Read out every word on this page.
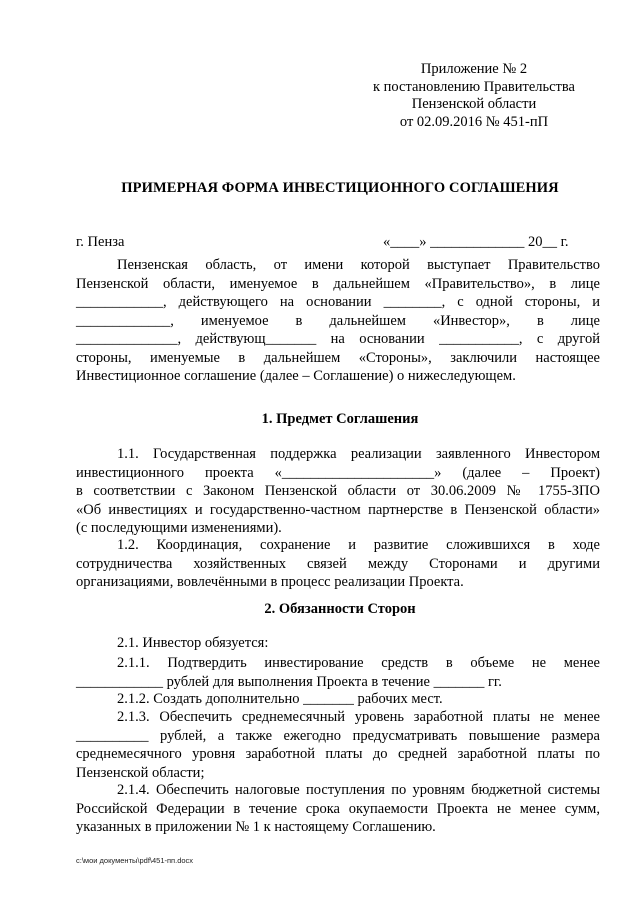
Приложение № 2
к постановлению Правительства
Пензенской области
от 02.09.2016 № 451-пП
ПРИМЕРНАЯ ФОРМА ИНВЕСТИЦИОННОГО СОГЛАШЕНИЯ
г. Пенза	«____» _____________ 20__ г.
Пензенская область, от имени которой выступает Правительство
Пензенской области, именуемое в дальнейшем «Правительство», в лице
____________, действующего на основании ________, с одной стороны, и
_____________, именуемое в дальнейшем «Инвестор», в лице
______________, действующ_______ на основании ___________, с другой
стороны, именуемые в дальнейшем «Стороны», заключили настоящее
Инвестиционное соглашение (далее – Соглашение) о нижеследующем.
1. Предмет Соглашения
1.1. Государственная поддержка реализации заявленного Инвестором
инвестиционного проекта «_____________________» (далее – Проект)
в соответствии с Законом Пензенской области от 30.06.2009 № 1755-ЗПО
«Об инвестициях и государственно-частном партнерстве в Пензенской области»
(с последующими изменениями).
1.2. Координация, сохранение и развитие сложившихся в ходе
сотрудничества хозяйственных связей между Сторонами и другими
организациями, вовлечёнными в процесс реализации Проекта.
2. Обязанности Сторон
2.1. Инвестор обязуется:
2.1.1. Подтвердить инвестирование средств в объеме не менее
____________ рублей для выполнения Проекта в течение _______ гг.
2.1.2. Создать дополнительно _______ рабочих мест.
2.1.3. Обеспечить среднемесячный уровень заработной платы не менее
__________ рублей, а также ежегодно предусматривать повышение размера
среднемесячного уровня заработной платы до средней заработной платы по
Пензенской области;
2.1.4. Обеспечить налоговые поступления по уровням бюджетной системы
Российской Федерации в течение срока окупаемости Проекта не менее сумм,
указанных в приложении № 1 к настоящему Соглашению.
c:\мои документы\pdf\451-пп.docx
